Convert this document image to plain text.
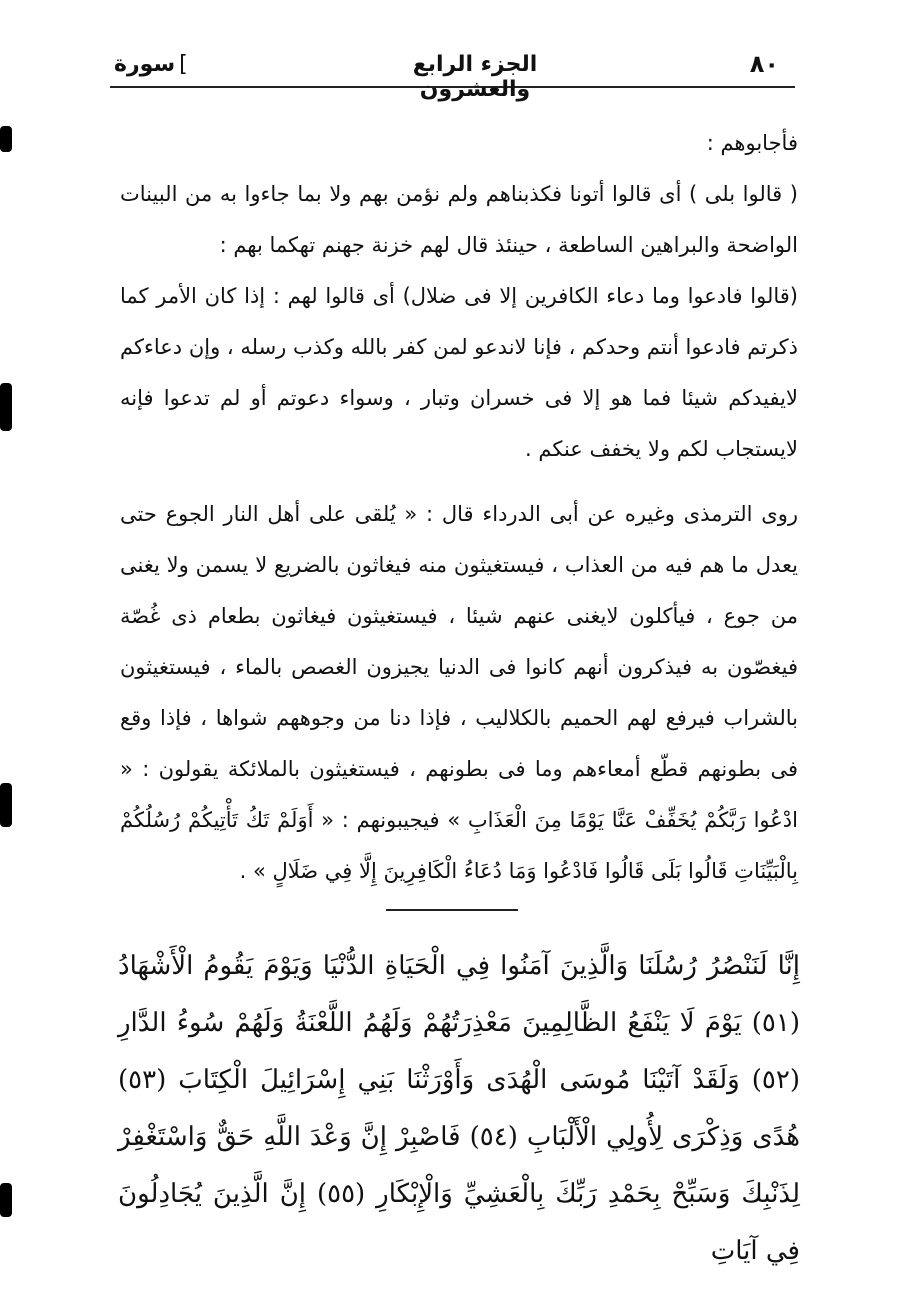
٨٠
الجزء الرابع والعشرون
سورة [

فأجابوهم :

( قالوا بلى ) أى قالوا أتونا فكذبناهم ولم نؤمن بهم ولا بما جاءوا به من البينات الواضحة والبراهين الساطعة ، حينئذ قال لهم خزنة جهنم تهكما بهم :

(قالوا فادعوا وما دعاء الكافرين إلا فى ضلال) أى قالوا لهم : إذا كان الأمر كما ذكرتم فادعوا أنتم وحدكم ، فإنا لاندعو لمن كفر بالله وكذب رسله ، وإن دعاءكم لايفيدكم شيئا فما هو إلا فى خسران وتبار ، وسواء دعوتم أو لم تدعوا فإنه لايستجاب لكم ولا يخفف عنكم .

روى الترمذى وغيره عن أبى الدرداء قال : « يُلقى على أهل النار الجوع حتى يعدل ما هم فيه من العذاب ، فيستغيثون منه فيغاثون بالضريع لا يسمن ولا يغنى من جوع ، فيأكلون لايغنى عنهم شيئا ، فيستغيثون فيغاثون بطعام ذى غُصّة فيغصّون به فيذكرون أنهم كانوا فى الدنيا يجيزون الغصص بالماء ، فيستغيثون بالشراب فيرفع لهم الحميم بالكلاليب ، فإذا دنا من وجوههم شواها ، فإذا وقع فى بطونهم قطّع أمعاءهم وما فى بطونهم ، فيستغيثون بالملائكة يقولون : « ادْعُوا رَبَّكُمْ يُخَفِّفْ عَنَّا يَوْمًا مِنَ الْعَذَابِ » فيجيبونهم : « أَوَلَمْ تَكُ تَأْتِيكُمْ رُسُلُكُمْ بِالْبَيِّنَاتِ قَالُوا بَلَى قَالُوا فَادْعُوا وَمَا دُعَاءُ الْكَافِرِينَ إِلَّا فِي ضَلَالٍ » .

إِنَّا لَنَنْصُرُ رُسُلَنَا وَالَّذِينَ آمَنُوا فِي الْحَيَاةِ الدُّنْيَا وَيَوْمَ يَقُومُ الْأَشْهَادُ (٥١) يَوْمَ لَا يَنْفَعُ الظَّالِمِينَ مَعْذِرَتُهُمْ وَلَهُمُ اللَّعْنَةُ وَلَهُمْ سُوءُ الدَّارِ (٥٢) وَلَقَدْ آتَيْنَا مُوسَى الْهُدَى وَأَوْرَثْنَا بَنِي إِسْرَائِيلَ الْكِتَابَ (٥٣) هُدًى وَذِكْرَى لِأُولِي الْأَلْبَابِ (٥٤) فَاصْبِرْ إِنَّ وَعْدَ اللَّهِ حَقٌّ وَاسْتَغْفِرْ لِذَنْبِكَ وَسَبِّحْ بِحَمْدِ رَبِّكَ بِالْعَشِيِّ وَالْإِبْكَارِ (٥٥) إِنَّ الَّذِينَ يُجَادِلُونَ فِي آيَاتِ
